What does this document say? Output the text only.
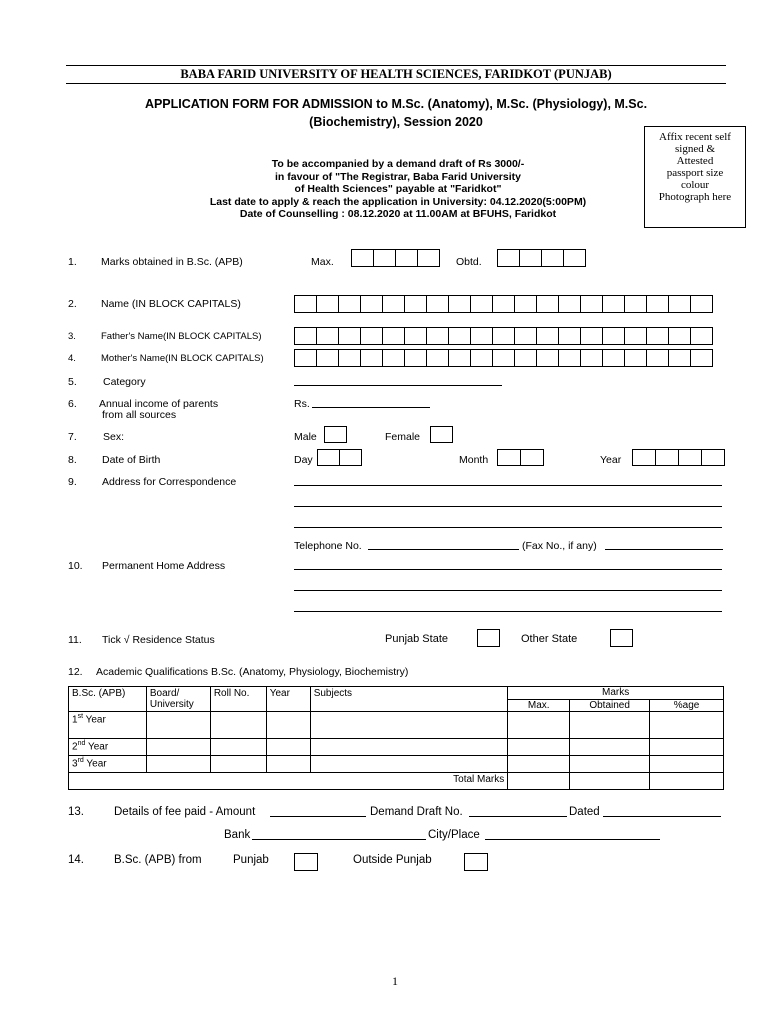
BABA FARID UNIVERSITY OF HEALTH SCIENCES, FARIDKOT (PUNJAB)
APPLICATION FORM FOR ADMISSION to M.Sc. (Anatomy), M.Sc. (Physiology), M.Sc.
(Biochemistry), Session 2020
Affix recent self
signed &
Attested
passport size
colour
Photograph here
To be accompanied by a demand draft of Rs 3000/-
in favour of "The Registrar, Baba Farid University
of Health Sciences" payable at "Faridkot"
Last date to apply & reach the application in University: 04.12.2020(5:00PM)
Date of Counselling : 08.12.2020 at 11.00AM at BFUHS, Faridkot
1. Marks obtained in B.Sc. (APB)	Max.	Obtd.
2. Name (IN BLOCK CAPITALS)
3.	Father's Name(IN BLOCK CAPITALS)
4.	Mother's Name(IN BLOCK CAPITALS)
5. Category
6. Annual income of parents
from all sources
Rs.
7. Sex:	Male	Female
8. Date of Birth	Day	Month	Year
9. Address for Correspondence
Telephone No.	(Fax No., if any)
10. Permanent Home Address
11. Tick √ Residence Status	Punjab State	Other State
12. Academic Qualifications B.Sc. (Anatomy, Physiology, Biochemistry)
B.Sc. (APB)	Board/
University	Roll No.	Year	Subjects	Marks		
					Max.	Obtained	%age
1st Year							
2nd Year							
3rd Year							
Total Marks							
13.	Details of fee paid - Amount	Demand Draft No.	Dated
Bank	City/Place
14.	B.Sc. (APB) from	Punjab	Outside Punjab
1
